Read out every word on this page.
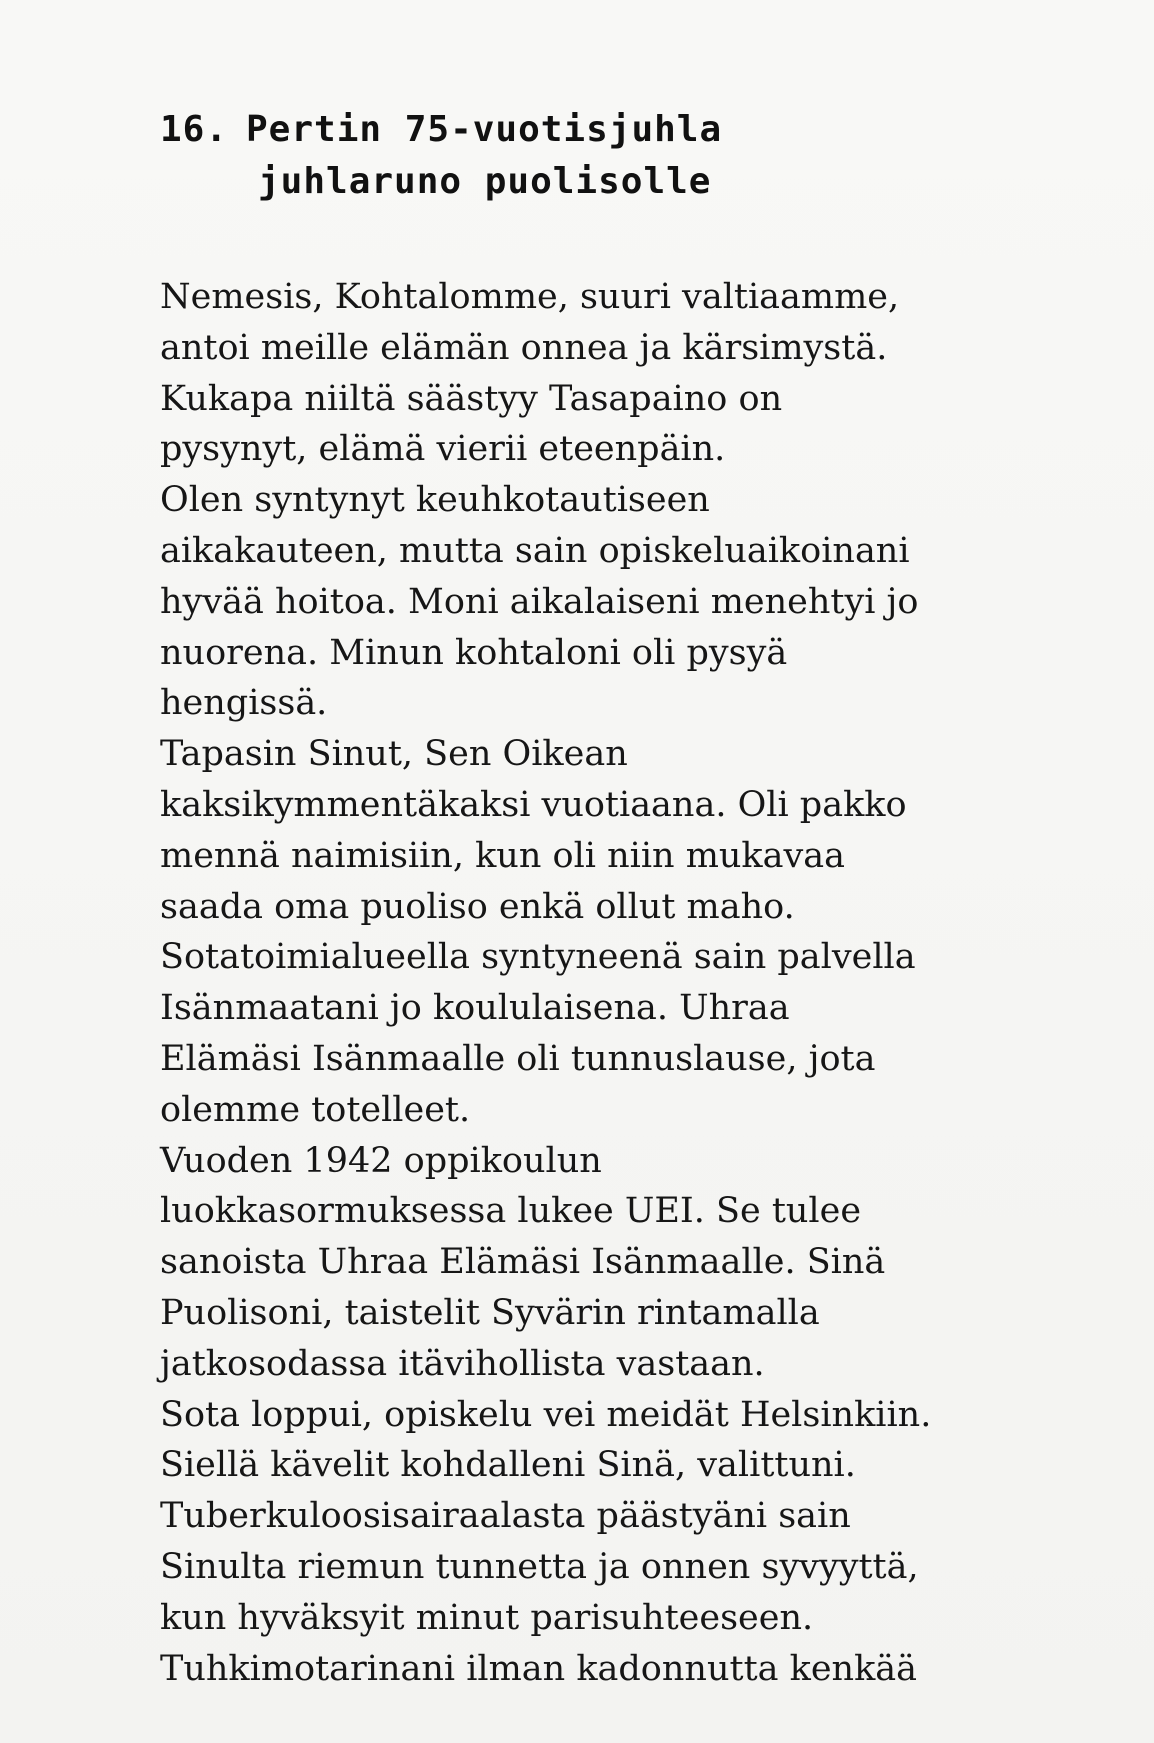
16. Pertin 75-vuotisjuhla
juhlaruno puolisolle
Nemesis, Kohtalomme, suuri valtiaamme,
antoi meille elämän onnea ja kärsimystä.
Kukapa niiltä säästyy Tasapaino on
pysynyt, elämä vierii eteenpäin.
Olen syntynyt keuhkotautiseen
aikakauteen, mutta sain opiskeluaikoinani
hyvää hoitoa. Moni aikalaiseni menehtyi jo
nuorena. Minun kohtaloni oli pysyä
hengissä.
Tapasin Sinut, Sen Oikean
kaksikymmentäkaksi vuotiaana. Oli pakko
mennä naimisiin, kun oli niin mukavaa
saada oma puoliso enkä ollut maho.
Sotatoimialueella syntyneenä sain palvella
Isänmaatani jo koululaisena. Uhraa
Elämäsi Isänmaalle oli tunnuslause, jota
olemme totelleet.
Vuoden 1942 oppikoulun
luokkasormuksessa lukee UEI. Se tulee
sanoista Uhraa Elämäsi Isänmaalle. Sinä
Puolisoni, taistelit Syvärin rintamalla
jatkosodassa itävihollista vastaan.
Sota loppui, opiskelu vei meidät Helsinkiin.
Siellä kävelit kohdalleni Sinä, valittuni.
Tuberkuloosisairaalasta päästyäni sain
Sinulta riemun tunnetta ja onnen syvyyttä,
kun hyväksyit minut parisuhteeseen.
Tuhkimotarinani ilman kadonnutta kenkää
